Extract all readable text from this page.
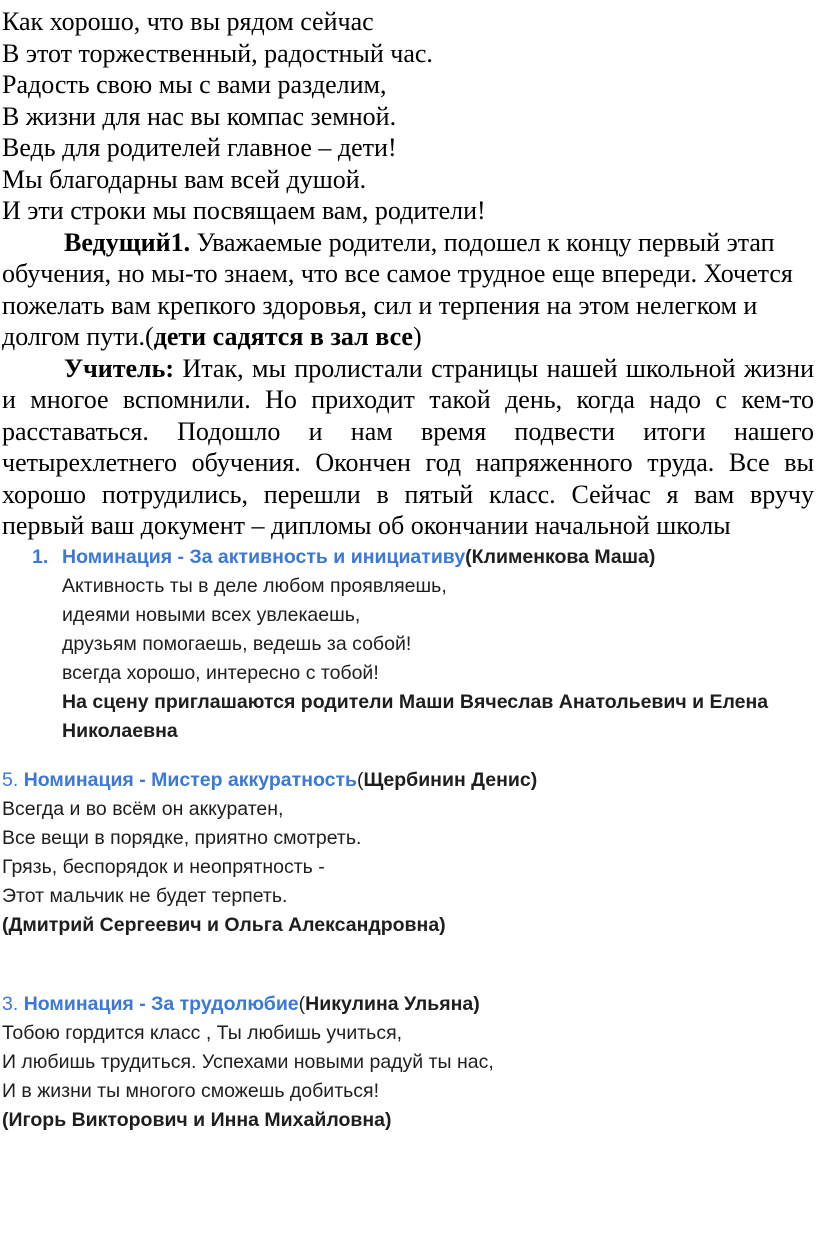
Как хорошо, что вы рядом сейчас
В этот торжественный, радостный час.
Радость свою мы с вами разделим,
В жизни для нас вы компас земной.
Ведь для родителей главное – дети!
Мы благодарны вам всей душой.
И эти строки мы посвящаем вам, родители!

Ведущий1. Уважаемые родители, подошел к концу первый этап обучения, но мы-то знаем, что все самое трудное еще впереди. Хочется пожелать вам крепкого здоровья, сил и терпения на этом нелегком и долгом пути.(дети садятся в зал все)

Учитель: Итак, мы пролистали страницы нашей школьной жизни и многое вспомнили. Но приходит такой день, когда надо с кем-то расставаться. Подошло и нам время подвести итоги нашего четырехлетнего обучения. Окончен год напряженного труда. Все вы хорошо потрудились, перешли в пятый класс. Сейчас я вам вручу первый ваш документ – дипломы об окончании начальной школы

1. Номинация - За активность и инициативу(Клименкова Маша)
Активность ты в деле любом проявляешь,
идеями новыми всех увлекаешь,
друзьям помогаешь, ведешь за собой!
всегда хорошо, интересно с тобой!
На сцену приглашаются родители Маши Вячеслав Анатольевич и Елена Николаевна
5. Номинация - Мистер аккуратность(Щербинин Денис)
Всегда и во всём он аккуратен,
Все вещи в порядке, приятно смотреть.
Грязь, беспорядок и неопрятность -
Этот мальчик не будет терпеть.
(Дмитрий Сергеевич и Ольга Александровна)
3. Номинация - За трудолюбие(Никулина Ульяна)
Тобою гордится класс , Ты любишь учиться,
И любишь трудиться. Успехами новыми радуй ты нас,
И в жизни ты многого сможешь добиться!
(Игорь Викторович и Инна Михайловна)
